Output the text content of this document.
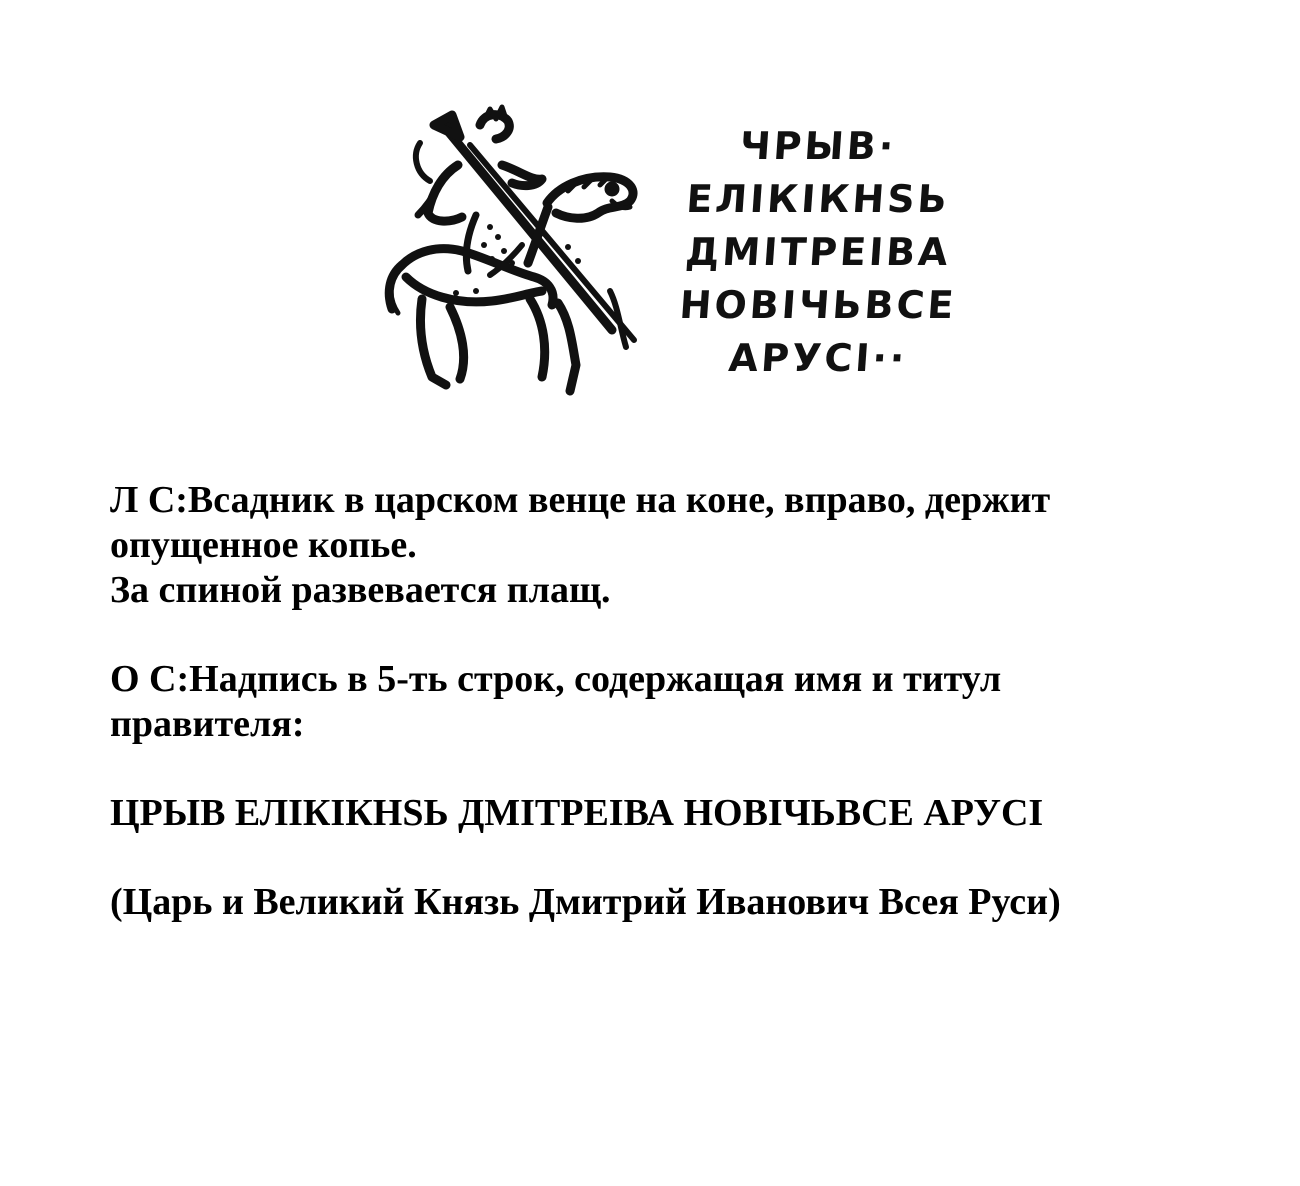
ЧРЫВ·
ЕЛІКІКНЅЬ
ДМІТРЕІВА
НОВІЧЬВСЕ
АРУСІ··

Л С:Всадник в царском венце на коне, вправо, держит

опущенное копье.

За спиной развевается плащ.

О С:Надпись в 5-ть строк, содержащая имя и титул

правителя:

ЦРЫВ ЕЛІКІКНЅЬ ДМІТРЕІВА НОВІЧЬВСЕ АРУСІ

(Царь и Великий Князь Дмитрий Иванович Всея Руси)
